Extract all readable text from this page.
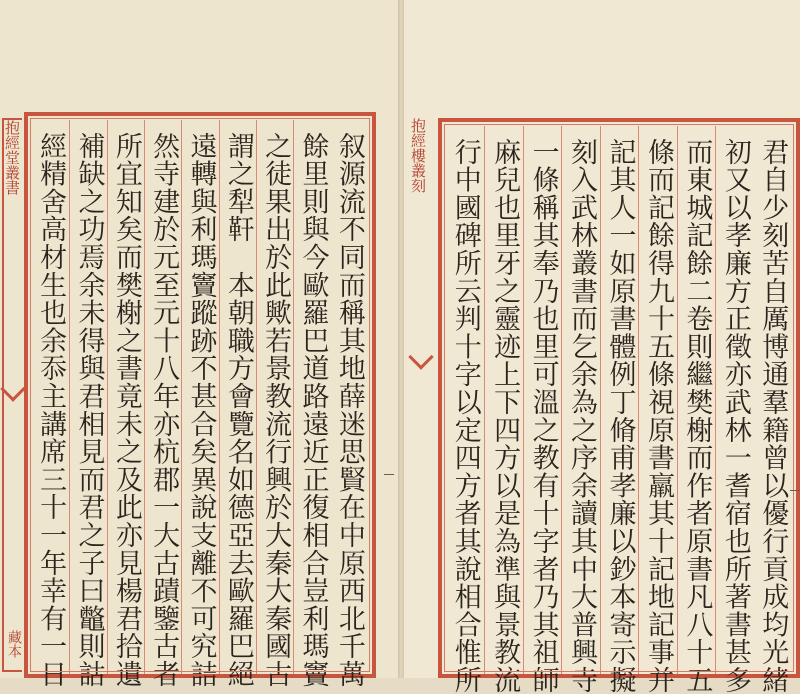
抱經堂叢書
藏本	叙源流不同而稱其地薛迷思賢在中原西北千萬
餘里則與今歐羅巴道路遠近正復相合豈利瑪竇
之徒果出於此歟若景教流行興於大秦大秦國古
謂之犁靬　本朝職方會覽名如德亞去歐羅巴絕
遠轉與利瑪竇蹤跡不甚合矣異說支離不可究詰
然寺建於元至元十八年亦杭郡一大古蹟鑒古者
所宜知矣而樊榭之書竟未之及此亦見楊君拾遺
補缺之功焉余未得與君相見而君之子曰鼈則詁
經精舍高材生也余忝主講席三十一年幸有一日	君自少刻苦自厲博通羣籍曾以優行貢成均光緒
初又以孝廉方正徵亦武林一耆宿也所著書甚多
而東城記餘二卷則繼樊榭而作者原書凡八十五
條而記餘得九十五條視原書羸其十記地記事并
記其人一如原書體例丁脩甫孝廉以鈔本寄示擬
刻入武林叢書而乞余為之序余讀其中大普興寺
一條稱其奉乃也里可溫之教有十字者乃其祖師
麻兒也里牙之靈迹上下四方以是為準與景教流
行中國碑所云判十字以定四方者其說相合惟所
抱經樓叢刻
